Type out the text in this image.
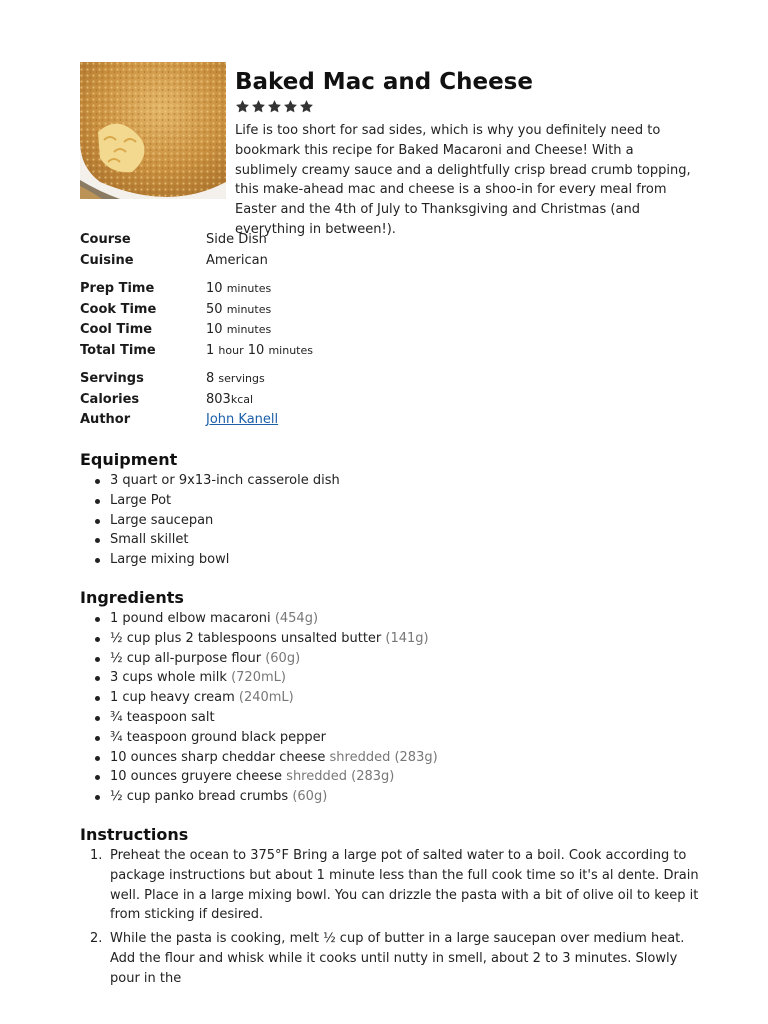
Baked Mac and Cheese

Life is too short for sad sides, which is why you definitely need to bookmark this recipe for Baked Macaroni and Cheese! With a sublimely creamy sauce and a delightfully crisp bread crumb topping, this make-ahead mac and cheese is a shoo-in for every meal from Easter and the 4th of July to Thanksgiving and Christmas (and everything in between!).

Course	Side Dish
Cuisine	American
Prep Time	10 minutes
Cook Time	50 minutes
Cool Time	10 minutes
Total Time	1 hour 10 minutes
Servings	8 servings
Calories	803kcal
Author	John Kanell
Equipment
3 quart or 9x13-inch casserole dish
Large Pot
Large saucepan
Small skillet
Large mixing bowl
Ingredients
1 pound elbow macaroni (454g)
½ cup plus 2 tablespoons unsalted butter (141g)
½ cup all-purpose flour (60g)
3 cups whole milk (720mL)
1 cup heavy cream (240mL)
¾ teaspoon salt
¾ teaspoon ground black pepper
10 ounces sharp cheddar cheese shredded (283g)
10 ounces gruyere cheese shredded (283g)
½ cup panko bread crumbs (60g)
Instructions
1. Preheat the ocean to 375°F Bring a large pot of salted water to a boil. Cook according to package instructions but about 1 minute less than the full cook time so it's al dente. Drain well. Place in a large mixing bowl. You can drizzle the pasta with a bit of olive oil to keep it from sticking if desired.
2. While the pasta is cooking, melt ½ cup of butter in a large saucepan over medium heat. Add the flour and whisk while it cooks until nutty in smell, about 2 to 3 minutes. Slowly pour in the
